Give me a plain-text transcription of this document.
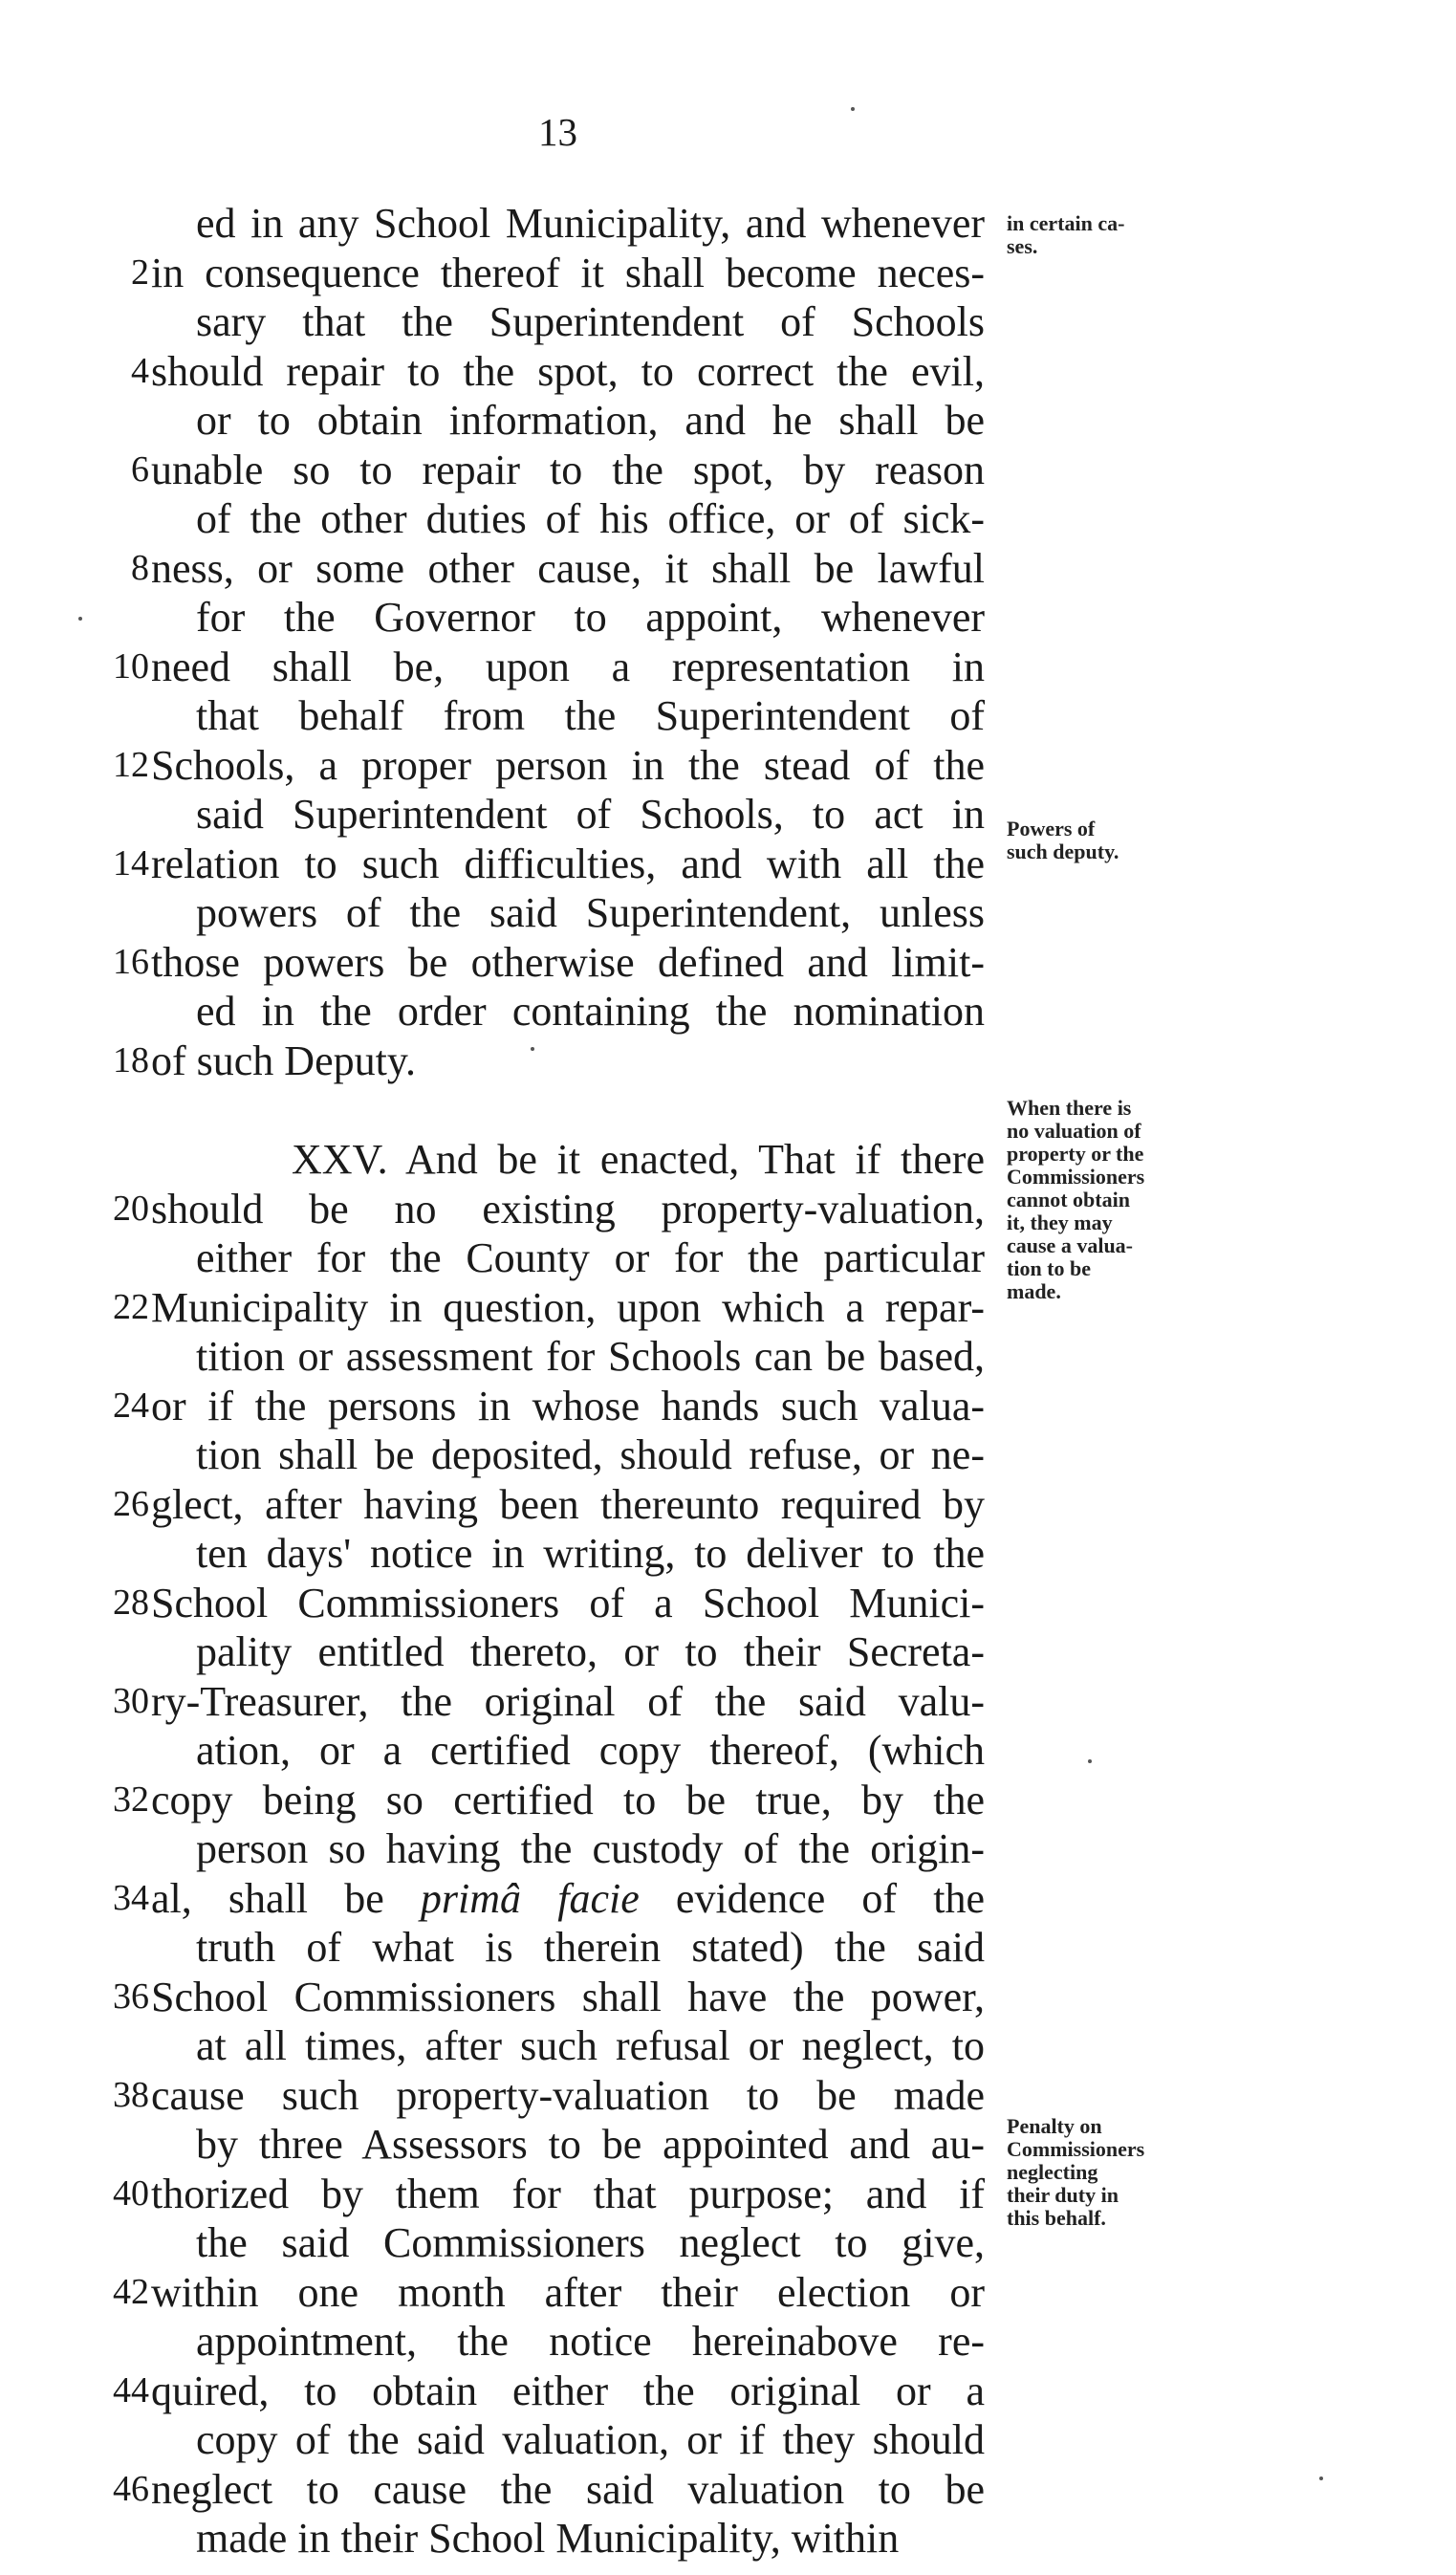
13
ed in any School Municipality, and whenever
2 in consequence thereof it shall become neces-
sary that the Superintendent of Schools
4 should repair to the spot, to correct the evil,
or to obtain information, and he shall be
6 unable so to repair to the spot, by reason
of the other duties of his office, or of sick-
8 ness, or some other cause, it shall be lawful
for the Governor to appoint, whenever
10 need shall be, upon a representation in
that behalf from the Superintendent of
12 Schools, a proper person in the stead of the
said Superintendent of Schools, to act in
14 relation to such difficulties, and with all the
powers of the said Superintendent, unless
16 those powers be otherwise defined and limit-
ed in the order containing the nomination
18 of such Deputy.
XXV. And be it enacted, That if there
20 should be no existing property-valuation,
either for the County or for the particular
22 Municipality in question, upon which a repar-
tition or assessment for Schools can be based,
24 or if the persons in whose hands such valua-
tion shall be deposited, should refuse, or ne-
26 glect, after having been thereunto required by
ten days' notice in writing, to deliver to the
28 School Commissioners of a School Munici-
pality entitled thereto, or to their Secreta-
30 ry-Treasurer, the original of the said valu-
ation, or a certified copy thereof, (which
32 copy being so certified to be true, by the
person so having the custody of the origin-
34 al, shall be primâ facie evidence of the
truth of what is therein stated) the said
36 School Commissioners shall have the power,
at all times, after such refusal or neglect, to
38 cause such property-valuation to be made
by three Assessors to be appointed and au-
40 thorized by them for that purpose; and if
the said Commissioners neglect to give,
42 within one month after their election or
appointment, the notice hereinabove re-
44 quired, to obtain either the original or a
copy of the said valuation, or if they should
46 neglect to cause the said valuation to be
made in their School Municipality, within
in certain ca-
ses.
Powers of
such deputy.
When there is
no valuation of
property or the
Commissioners
cannot obtain
it, they may
cause a valua-
tion to be
made.
Penalty on
Commissioners
neglecting
their duty in
this behalf.
